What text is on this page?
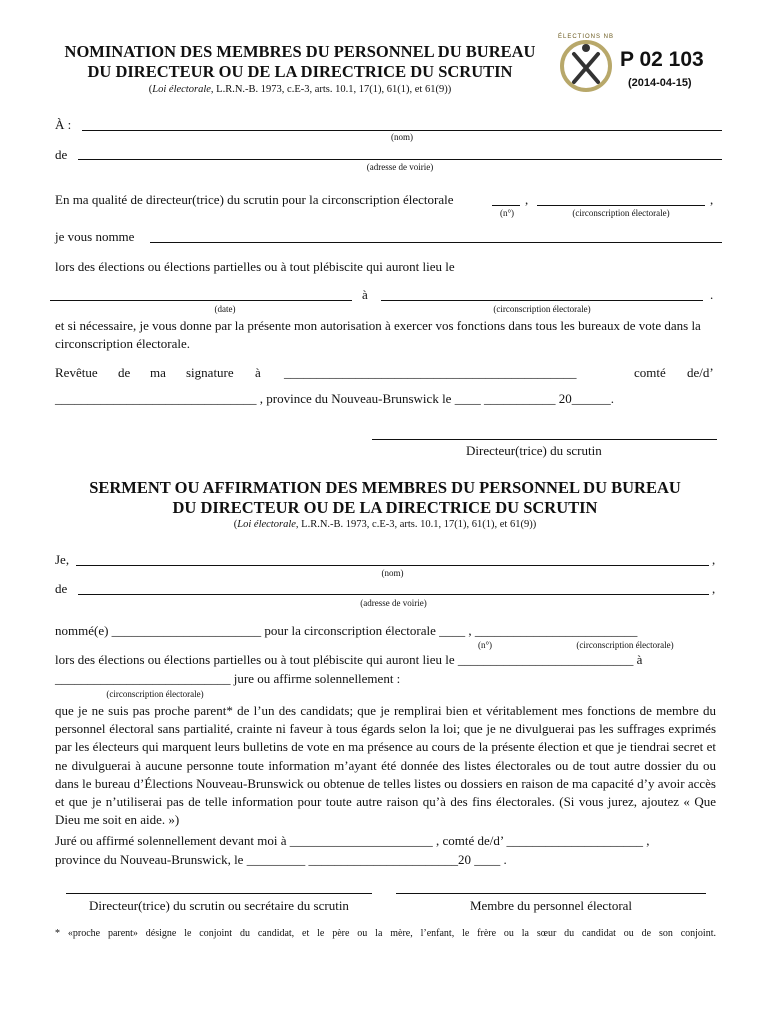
NOMINATION DES MEMBRES DU PERSONNEL DU BUREAU
DU DIRECTEUR OU DE LA DIRECTRICE DU SCRUTIN
(Loi électorale, L.R.N.-B. 1973, c.E-3, arts. 10.1, 17(1), 61(1), et 61(9))
ÉLECTIONS NB
P 02 103
(2014-04-15)
À :
(nom)
de
(adresse de voirie)
En ma qualité de directeur(trice) du scrutin pour la circonscription électorale	,	,
(n°)	(circonscription électorale)
je vous nomme
lors des élections ou élections partielles ou à tout plébiscite qui auront lieu le
à	.
(date)	(circonscription électorale)
et si nécessaire, je vous donne par la présente mon autorisation à exercer vos fonctions dans tous les bureaux de vote dans la circonscription électorale.
Revêtue de ma signature à _____________________________________________	comté de/d’
_______________________________ , province du Nouveau-Brunswick le ____ ___________ 20______.
Directeur(trice) du scrutin
SERMENT OU AFFIRMATION DES MEMBRES DU PERSONNEL DU BUREAU
DU DIRECTEUR OU DE LA DIRECTRICE DU SCRUTIN
(Loi électorale, L.R.N.-B. 1973, c.E-3, arts. 10.1, 17(1), 61(1), et 61(9))
Je,	,
(nom)
de	,
(adresse de voirie)
nommé(e) _______________________ pour la circonscription électorale ____ , _________________________
(n°)	(circonscription électorale)
lors des élections ou élections partielles ou à tout plébiscite qui auront lieu le ___________________________ à
___________________________ jure ou affirme solennellement :
(circonscription électorale)
que je ne suis pas proche parent* de l’un des candidats; que je remplirai bien et véritablement mes fonctions de membre du personnel électoral sans partialité, crainte ni faveur à tous égards selon la loi; que je ne divulguerai pas les suffrages exprimés par les électeurs qui marquent leurs bulletins de vote en ma présence au cours de la présente élection et que je tiendrai secret et ne divulguerai à aucune personne toute information m’ayant été donnée des listes électorales ou de tout autre dossier du ou dans le bureau d’Élections Nouveau-Brunswick ou obtenue de telles listes ou dossiers en raison de ma capacité d’y avoir accès et que je n’utiliserai pas de telle information pour toute autre raison qu’à des fins électorales. (Si vous jurez, ajoutez « Que Dieu me soit en aide. »)
Juré ou affirmé solennellement devant moi à ______________________ , comté de/d’ _____________________ ,
province du Nouveau-Brunswick, le _________ _______________________20 ____ .
Directeur(trice) du scrutin ou secrétaire du scrutin	Membre du personnel électoral
* «proche parent» désigne le conjoint du candidat, et le père ou la mère, l’enfant, le frère ou la sœur du candidat ou de son conjoint.
